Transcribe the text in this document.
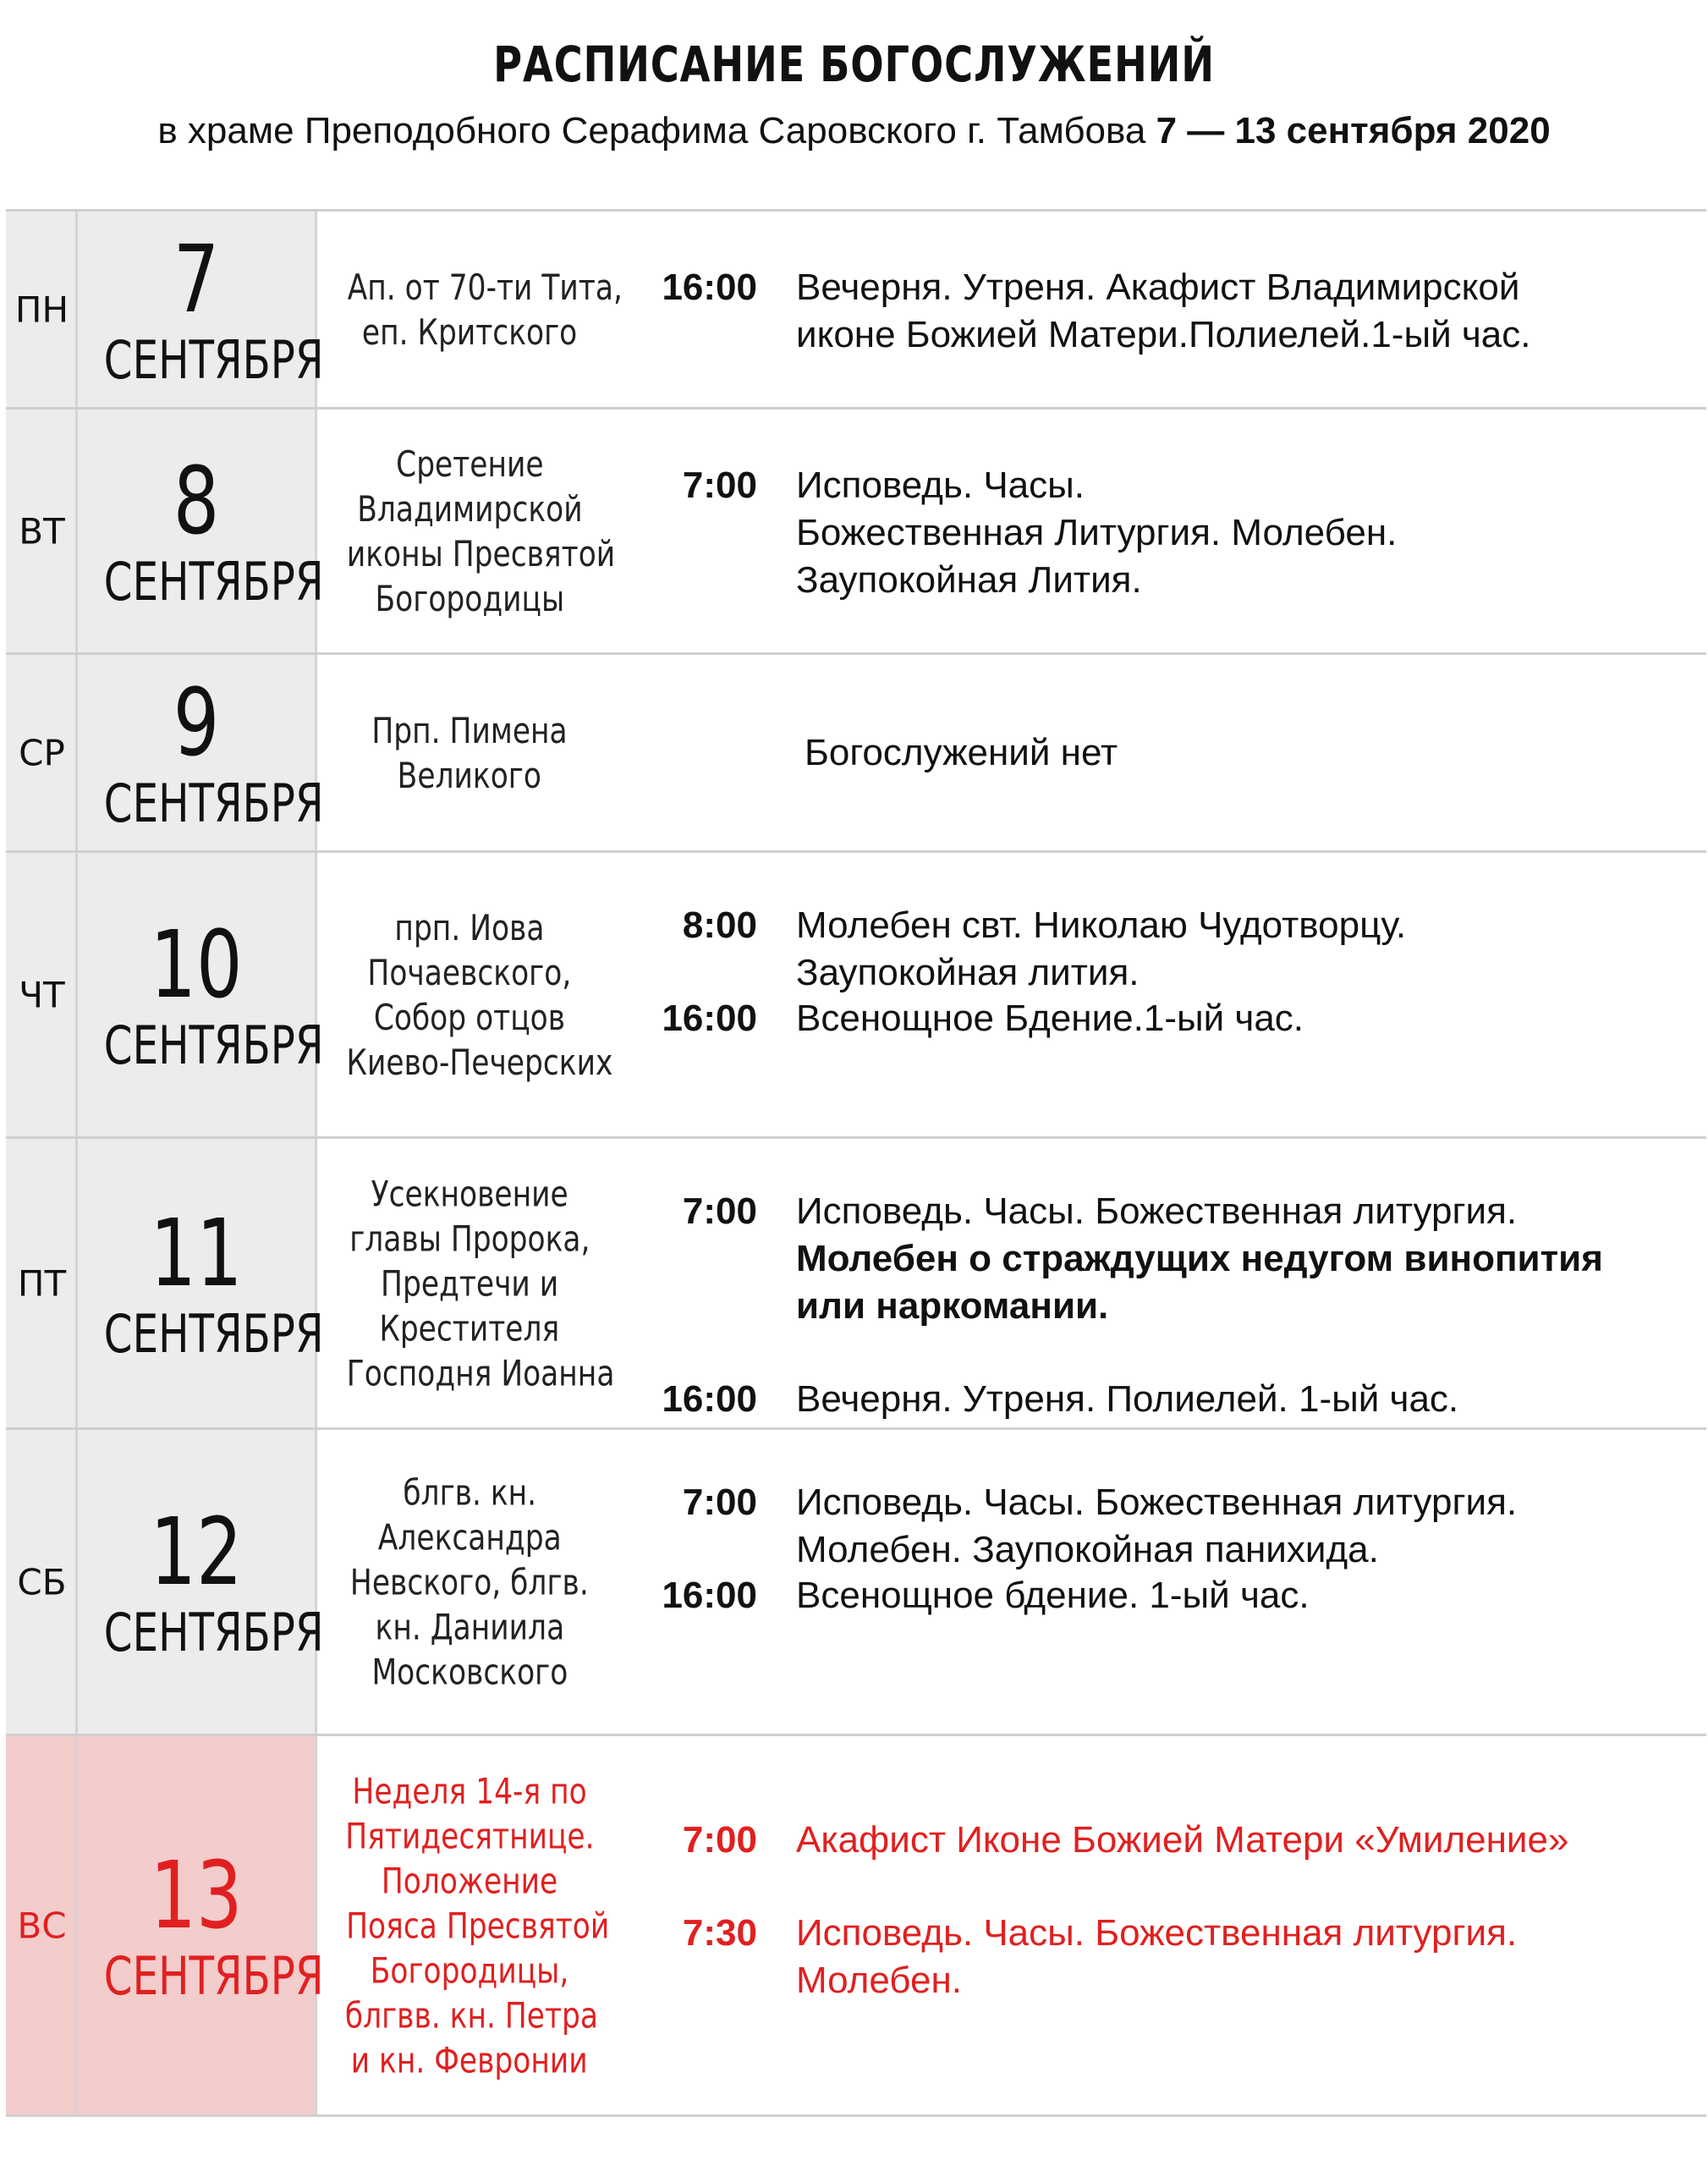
РАСПИСАНИЕ БОГОСЛУЖЕНИЙ
в храме Преподобного Серафима Саровского г. Тамбова 7 — 13 сентября 2020
ПН	7
СЕНТЯБРЯ
Ап. от 70-ти Тита,
еп. Критского

16:00 Вечерня. Утреня. Акафист Владимирской
иконе Божией Матери.Полиелей.1-ый час.
ВТ	8
СЕНТЯБРЯ
Сретение
Владимирской
иконы Пресвятой
Богородицы

7:00 Исповедь. Часы.
Божественная Литургия. Молебен.
Заупокойная Лития.
СР	9
СЕНТЯБРЯ
Прп. Пимена
Великого

Богослужений нет
ЧТ 10
СЕНТЯБРЯ
прп. Иова
Почаевского,
Собор отцов
Киево-Печерских

8:00 Молебен свт. Николаю Чудотворцу.
Заупокойная лития.
16:00 Всенощное Бдение.1-ый час.
ПТ 11
СЕНТЯБРЯ
Усекновение
главы Пророка,
Предтечи и
Крестителя
Господня Иоанна

7:00 Исповедь. Часы. Божественная литургия.
Молебен о страждущих недугом винопития
или наркомании.
16:00 Вечерня. Утреня. Полиелей. 1-ый час.
СБ 12
СЕНТЯБРЯ
блгв. кн.
Александра
Невского, блгв.
кн. Даниила
Московского

7:00 Исповедь. Часы. Божественная литургия.
Молебен. Заупокойная панихида.
16:00 Всенощное бдение. 1-ый час.
ВС 13
СЕНТЯБРЯ
Неделя 14-я по
Пятидесятнице.
Положение
Пояса Пресвятой
Богородицы,
блгвв. кн. Петра
и кн. Февронии

7:00 Акафист Иконе Божией Матери «Умиление»
7:30 Исповедь. Часы. Божественная литургия.
Молебен.
